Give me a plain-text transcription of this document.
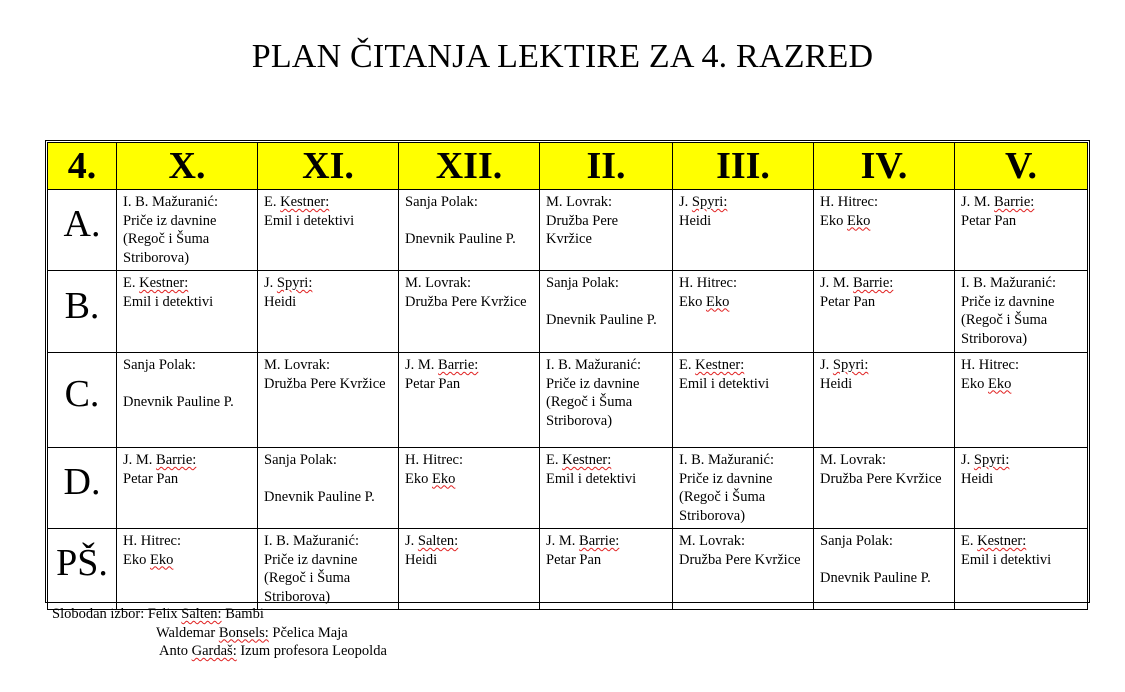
PLAN ČITANJA LEKTIRE ZA 4. RAZRED
4.	X.	XI.	XII.	II.	III.	IV.	V.
A.	I. B. Mažuranić:
Priče iz davnine (Regoč i Šuma Striborova)	E. Kestner:
Emil i detektivi	Sanja Polak:

Dnevnik Pauline P.	M. Lovrak:
Družba Pere Kvržice	J. Spyri:
Heidi	H. Hitrec:
Eko Eko	J. M. Barrie:
Petar Pan

B.	E. Kestner:
Emil i detektivi	J. Spyri:
Heidi	M. Lovrak:
Družba Pere Kvržice	Sanja Polak:

Dnevnik Pauline P.	H. Hitrec:
Eko Eko	J. M. Barrie:
Petar Pan	I. B. Mažuranić:
Priče iz davnine (Regoč i Šuma Striborova)

C.	Sanja Polak:

Dnevnik Pauline P.	M. Lovrak:
Družba Pere Kvržice	J. M. Barrie:
Petar Pan	I. B. Mažuranić:
Priče iz davnine (Regoč i Šuma Striborova)	E. Kestner:
Emil i detektivi	J. Spyri:
Heidi	H. Hitrec:
Eko Eko

D.	J. M. Barrie:
Petar Pan	Sanja Polak:

Dnevnik Pauline P.	H. Hitrec:
Eko Eko	E. Kestner:
Emil i detektivi	I. B. Mažuranić:
Priče iz davnine (Regoč i Šuma Striborova)	M. Lovrak:
Družba Pere Kvržice	J. Spyri:
Heidi

PŠ.	H. Hitrec:
Eko Eko	I. B. Mažuranić:
Priče iz davnine (Regoč i Šuma Striborova)	J. Salten:
Heidi	J. M. Barrie:
Petar Pan	M. Lovrak:
Družba Pere Kvržice	Sanja Polak:

Dnevnik Pauline P.	E. Kestner:
Emil i detektivi
Slobodan izbor: Felix Salten: Bambi
Waldemar Bonsels: Pčelica Maja
Anto Gardaš: Izum profesora Leopolda
